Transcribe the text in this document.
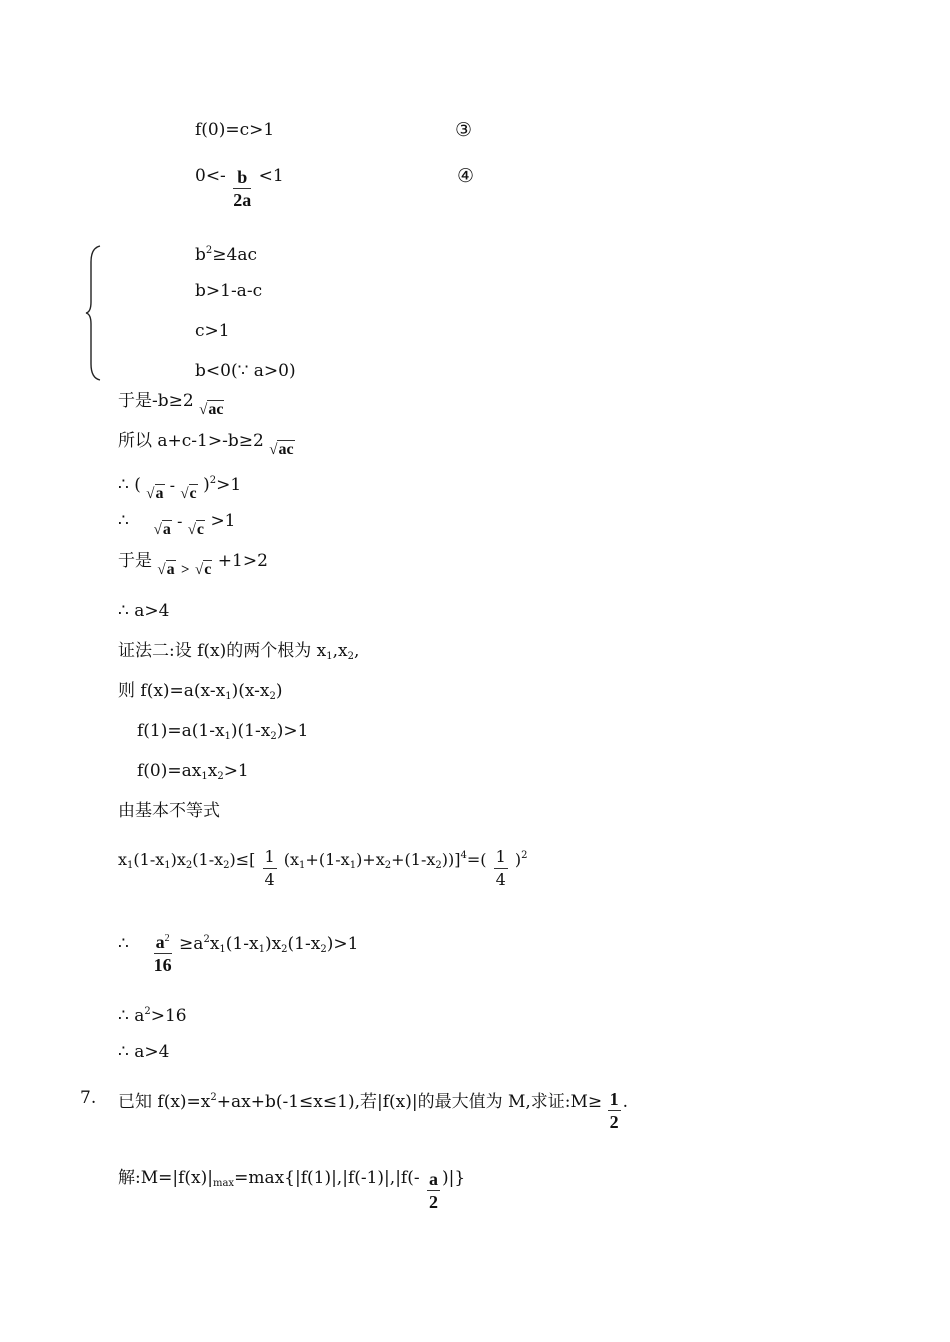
f(0)=c>1	③
$0<- \frac{b}{2a} <1$	④
$b^2\ge 4ac$
b>1-a-c
c>1
b<0(∵ a>0)
于是-b≥2 √ac
所以 a+c-1>-b≥2 √ac
∴ ( √a - √c )$^2$>1
∴ √a - √c >1
于是 √a > √c +1>2
∴ a>4
证法二:设 f(x)的两个根为 $x_1,x_2$,
则 $f(x)=a(x-x_1)(x-x_2)$
$f(1)=a(1-x_1)(1-x_2)>1$
$f(0)=ax_1x_2>1$
由基本不等式
$x_1(1-x_1)x_2(1-x_2)\le[ \frac{1}{4} (x_1+(1-x_1)+x_2+(1-x_2))]^4=( \frac{1}{4} )^2$
∴ $\frac{a^2}{16} \ge a^2x_1(1-x_1)x_2(1-x_2)>1$
∴ $a^2>16$
∴ a>4
7. 已知 $f(x)=x^2+ax+b(-1\le x\le 1)$,若|f(x)|的最大值为 M,求证:M≥ $\frac{1}{2}$ .
解$:M=|f(x)|_{max}=\max\{|f(1)|,|f(-1)|,|f(- \frac{a}{2}$ )|}
